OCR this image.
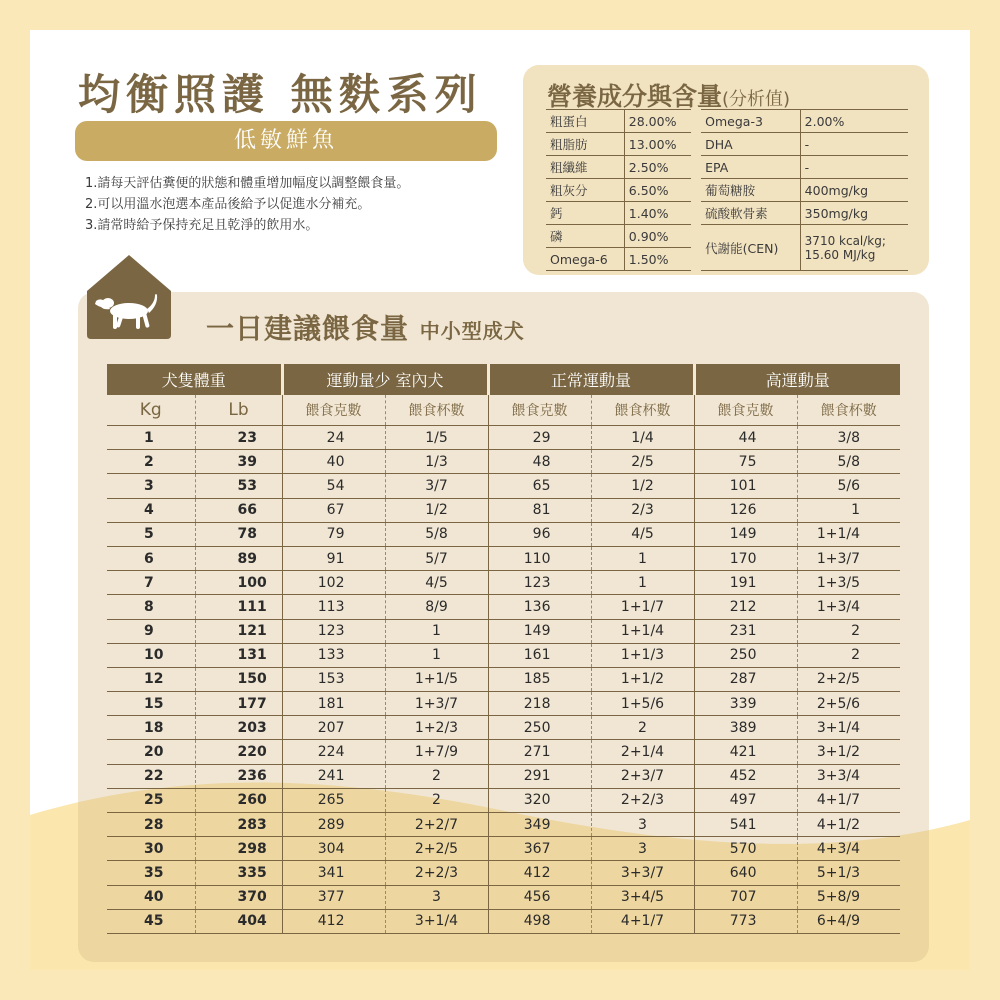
均衡照護 無麩系列
低敏鮮魚
1.請每天評估糞便的狀態和體重增加幅度以調整餵食量。
2.可以用溫水泡選本產品後給予以促進水分補充。
3.請常時給予保持充足且乾淨的飲用水。
營養成分與含量(分析值)
粗蛋白	28.00%	Omega-3	2.00%
粗脂肪	13.00%	DHA	-
粗纖維	2.50%	EPA	-
粗灰分	6.50%	葡萄糖胺	400mg/kg
鈣	1.40%	硫酸軟骨素	350mg/kg
磷	0.90%	代謝能(CEN)	3710 kcal/kg;
15.60 MJ/kg

Omega-6	1.50%		
一日建議餵食量 中小型成犬
犬隻體重		運動量少 室內犬		正常運動量		高運動量	
Kg	Lb	餵食克數	餵食杯數	餵食克數	餵食杯數	餵食克數	餵食杯數
1	23	24	1/5	29	1/4	44	3/8
2	39	40	1/3	48	2/5	75	5/8
3	53	54	3/7	65	1/2	101	5/6
4	66	67	1/2	81	2/3	126	1
5	78	79	5/8	96	4/5	149	1+1/4
6	89	91	5/7	110	1	170	1+3/7
7	100	102	4/5	123	1	191	1+3/5
8	111	113	8/9	136	1+1/7	212	1+3/4
9	121	123	1	149	1+1/4	231	2
10	131	133	1	161	1+1/3	250	2
12	150	153	1+1/5	185	1+1/2	287	2+2/5
15	177	181	1+3/7	218	1+5/6	339	2+5/6
18	203	207	1+2/3	250	2	389	3+1/4
20	220	224	1+7/9	271	2+1/4	421	3+1/2
22	236	241	2	291	2+3/7	452	3+3/4
25	260	265	2	320	2+2/3	497	4+1/7
28	283	289	2+2/7	349	3	541	4+1/2
30	298	304	2+2/5	367	3	570	4+3/4
35	335	341	2+2/3	412	3+3/7	640	5+1/3
40	370	377	3	456	3+4/5	707	5+8/9
45	404	412	3+1/4	498	4+1/7	773	6+4/9
